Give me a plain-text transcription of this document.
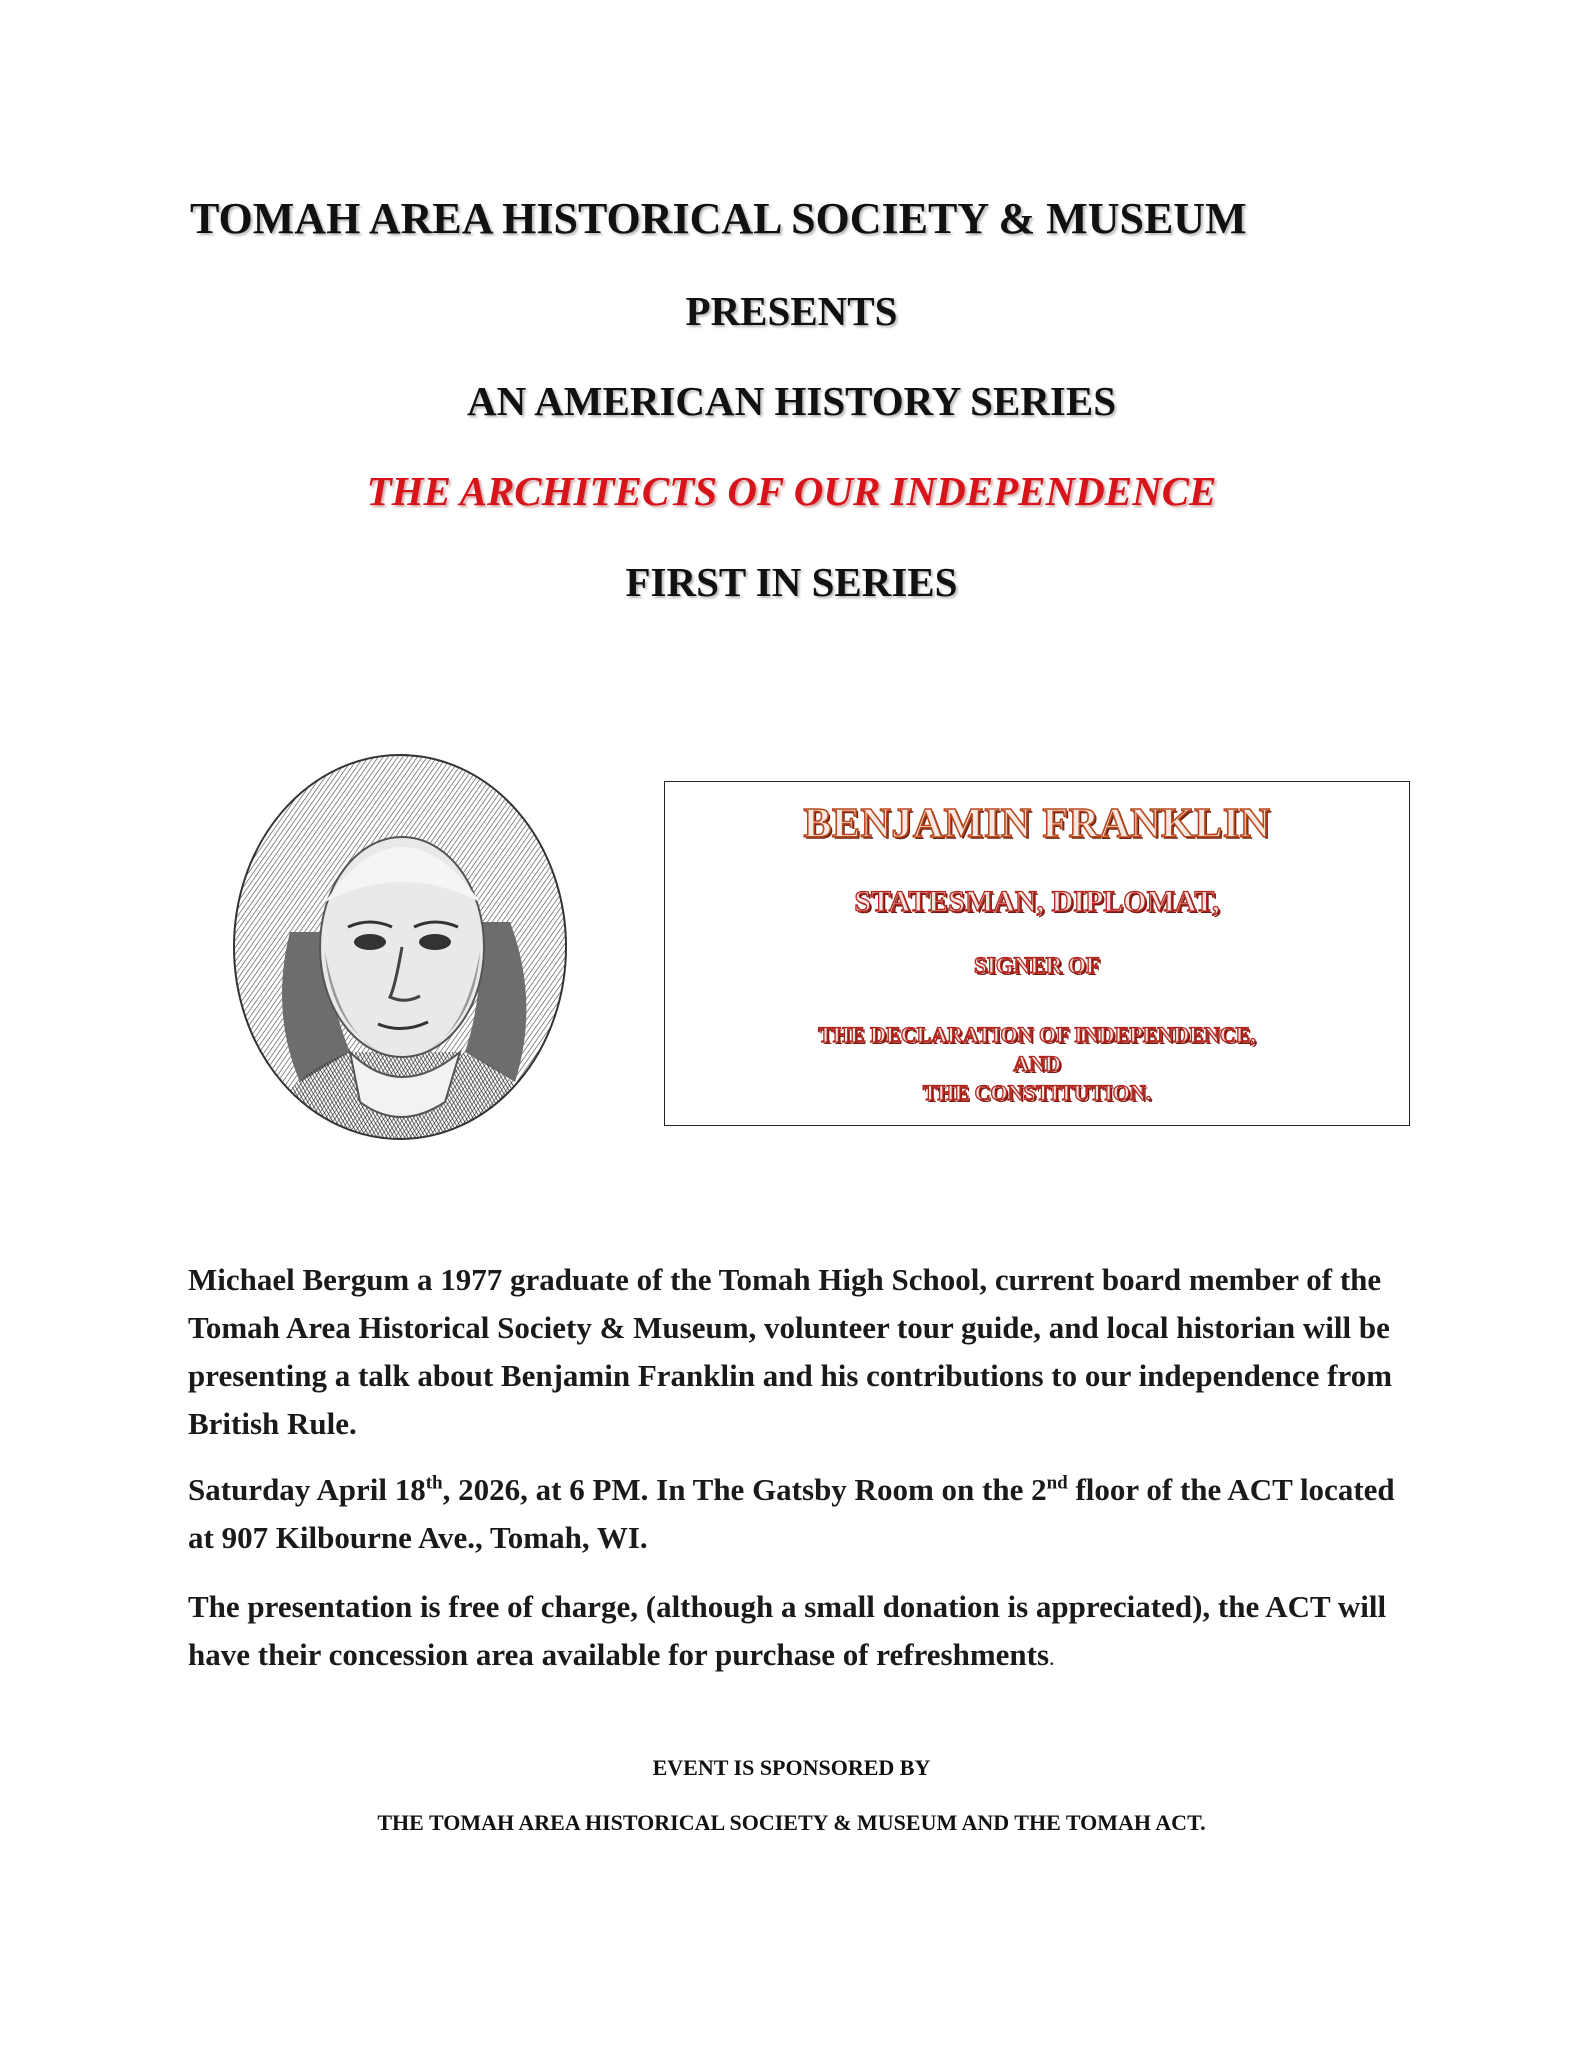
TOMAH AREA HISTORICAL SOCIETY & MUSEUM
PRESENTS
AN AMERICAN HISTORY SERIES
THE ARCHITECTS OF OUR INDEPENDENCE
FIRST IN SERIES
BENJAMIN FRANKLIN

STATESMAN, DIPLOMAT,

SIGNER OF

THE DECLARATION OF INDEPENDENCE,

AND

THE CONSTITUTION.

Michael Bergum a 1977 graduate of the Tomah High School, current board member of the Tomah Area Historical Society & Museum, volunteer tour guide, and local historian will be presenting a talk about Benjamin Franklin and his contributions to our independence from British Rule.

Saturday April 18th, 2026, at 6 PM. In The Gatsby Room on the 2nd floor of the ACT located at 907 Kilbourne Ave., Tomah, WI.

The presentation is free of charge, (although a small donation is appreciated), the ACT will have their concession area available for purchase of refreshments.

EVENT IS SPONSORED BY

THE TOMAH AREA HISTORICAL SOCIETY & MUSEUM AND THE TOMAH ACT.
